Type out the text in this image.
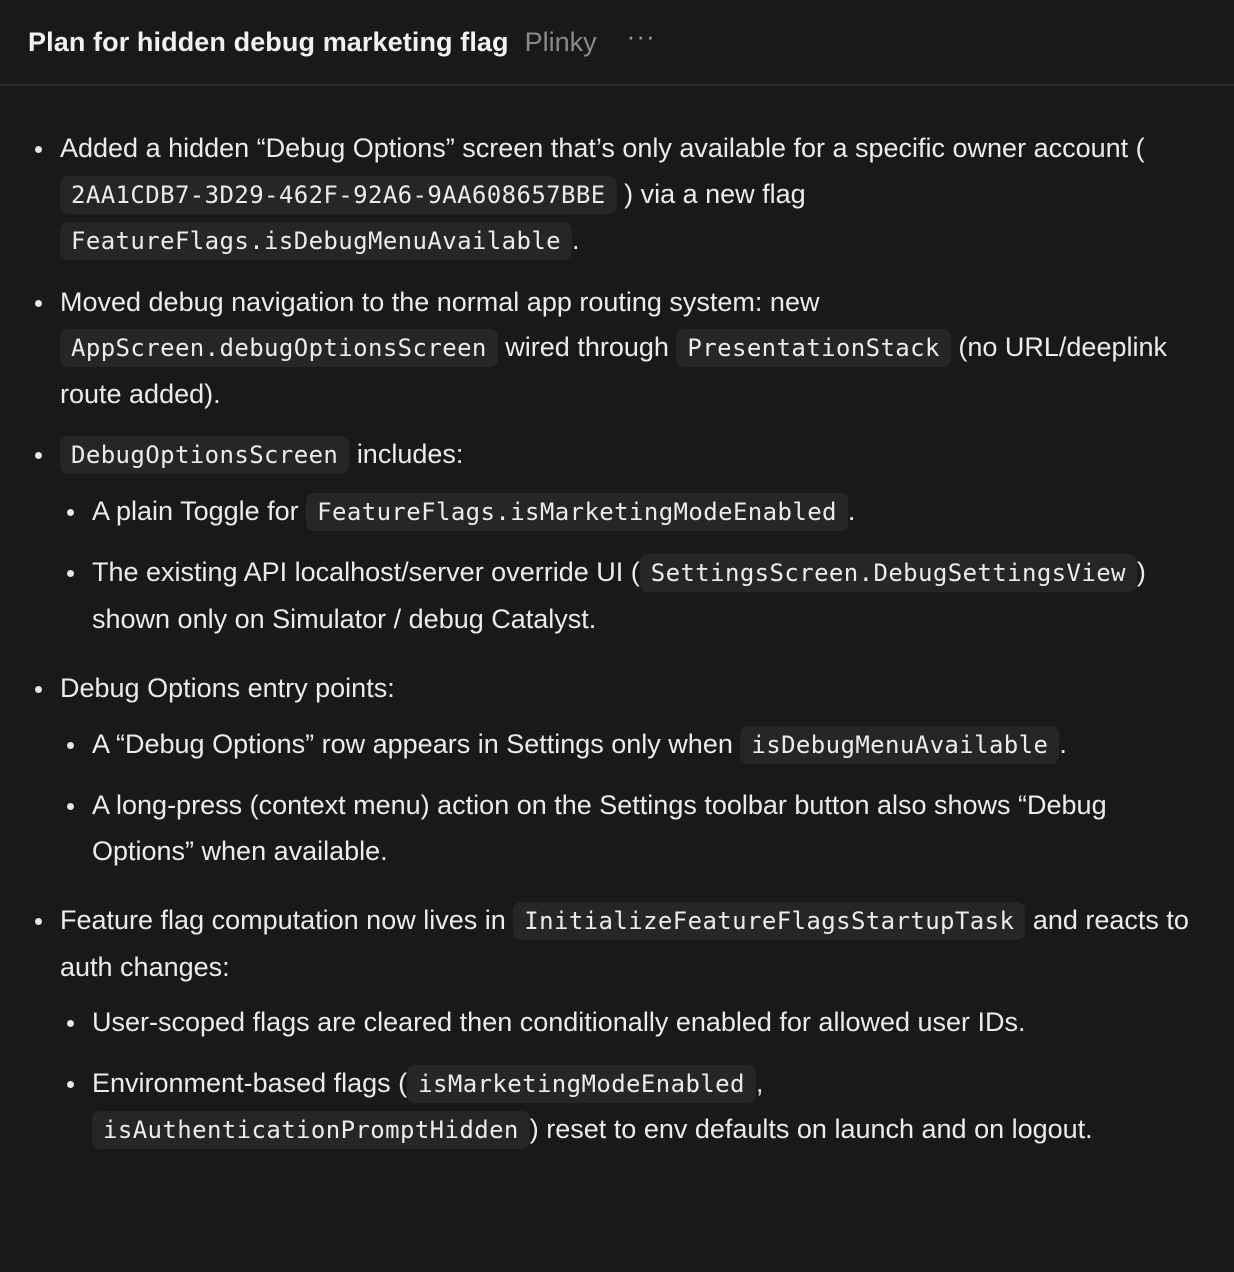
Plan for hidden debug marketing flag Plinky ···
Added a hidden “Debug Options” screen that’s only available for a specific owner account ( 2AA1CDB7-3D29-462F-92A6-9AA608657BBE ) via a new flag
FeatureFlags.isDebugMenuAvailable .
Moved debug navigation to the normal app routing system: new
AppScreen.debugOptionsScreen wired through PresentationStack (no URL/deeplink route added).
DebugOptionsScreen includes:
A plain Toggle for FeatureFlags.isMarketingModeEnabled .
The existing API localhost/server override UI ( SettingsScreen.DebugSettingsView ) shown only on Simulator / debug Catalyst.
Debug Options entry points:
A “Debug Options” row appears in Settings only when isDebugMenuAvailable .
A long-press (context menu) action on the Settings toolbar button also shows “Debug Options” when available.
Feature flag computation now lives in InitializeFeatureFlagsStartupTask and reacts to auth changes:
User-scoped flags are cleared then conditionally enabled for allowed user IDs.
Environment-based flags ( isMarketingModeEnabled ,
isAuthenticationPromptHidden ) reset to env defaults on launch and on logout.
